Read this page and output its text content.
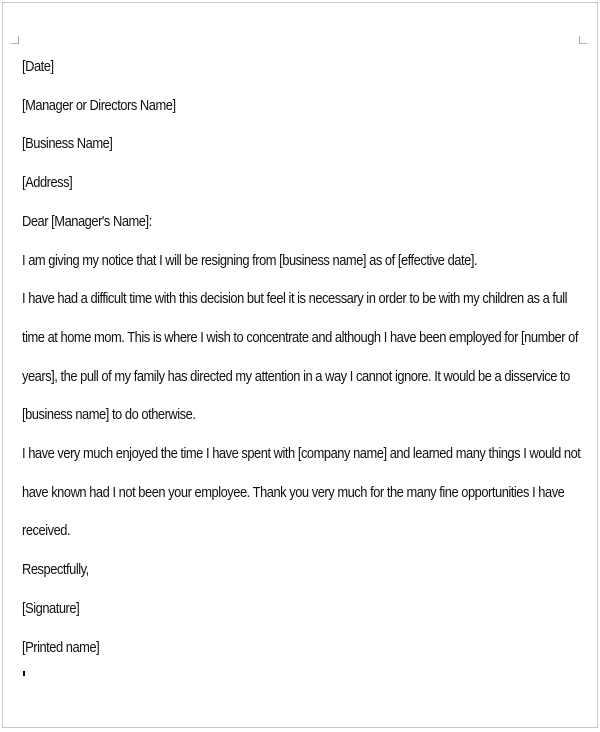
[Date]
[Manager or Directors Name]
[Business Name]
[Address]
Dear [Manager's Name]:
I am giving my notice that I will be resigning from [business name] as of [effective date].
I have had a difficult time with this decision but feel it is necessary in order to be with my children as a full
time at home mom. This is where I wish to concentrate and although I have been employed for [number of
years], the pull of my family has directed my attention in a way I cannot ignore. It would be a disservice to
[business name] to do otherwise.
I have very much enjoyed the time I have spent with [company name] and learned many things I would not
have known had I not been your employee. Thank you very much for the many fine opportunities I have
received.
Respectfully,
[Signature]
[Printed name]
